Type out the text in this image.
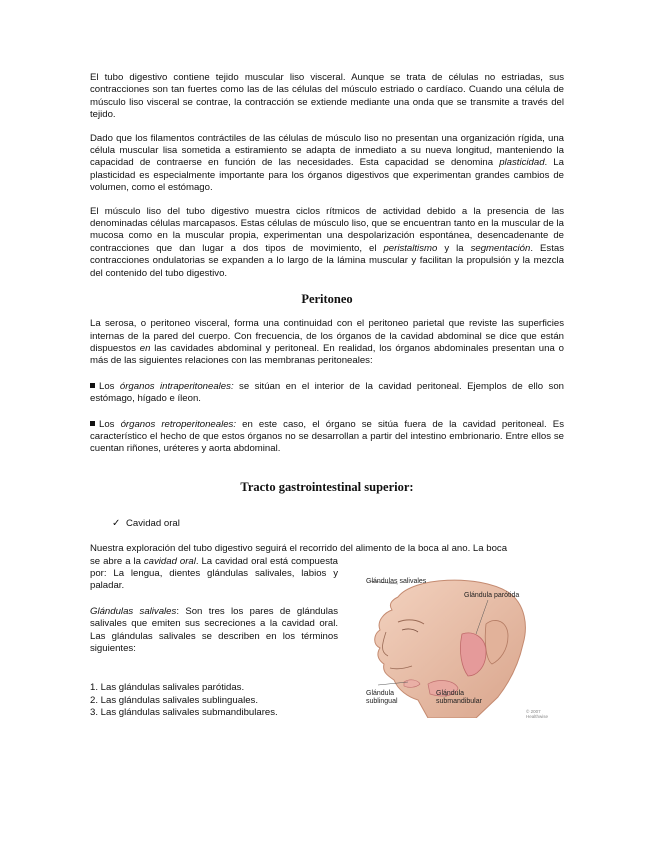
El tubo digestivo contiene tejido muscular liso visceral. Aunque se trata de células no estriadas, sus contracciones son tan fuertes como las de las células del músculo estriado o cardíaco. Cuando una célula de músculo liso visceral se contrae, la contracción se extiende mediante una onda que se transmite a través del tejido.

Dado que los filamentos contráctiles de las células de músculo liso no presentan una organización rígida, una célula muscular lisa sometida a estiramiento se adapta de inmediato a su nueva longitud, manteniendo la capacidad de contraerse en función de las necesidades. Esta capacidad se denomina plasticidad. La plasticidad es especialmente importante para los órganos digestivos que experimentan grandes cambios de volumen, como el estómago.

El músculo liso del tubo digestivo muestra ciclos rítmicos de actividad debido a la presencia de las denominadas células marcapasos. Estas células de músculo liso, que se encuentran tanto en la muscular de la mucosa como en la muscular propia, experimentan una despolarización espontánea, desencadenante de contracciones que dan lugar a dos tipos de movimiento, el peristaltismo y la segmentación. Estas contracciones ondulatorias se expanden a lo largo de la lámina muscular y facilitan la propulsión y la mezcla del contenido del tubo digestivo.

Peritoneo

La serosa, o peritoneo visceral, forma una continuidad con el peritoneo parietal que reviste las superficies internas de la pared del cuerpo. Con frecuencia, de los órganos de la cavidad abdominal se dice que están dispuestos en las cavidades abdominal y peritoneal. En realidad, los órganos abdominales presentan una o más de las siguientes relaciones con las membranas peritoneales:

Los órganos intraperitoneales: se sitúan en el interior de la cavidad peritoneal. Ejemplos de ello son estómago, hígado e íleon.

Los órganos retroperitoneales: en este caso, el órgano se sitúa fuera de la cavidad peritoneal. Es característico el hecho de que estos órganos no se desarrollan a partir del intestino embrionario. Entre ellos se cuentan riñones, uréteres y aorta abdominal.

Tracto gastrointestinal superior:

✓ Cavidad oral

Nuestra exploración del tubo digestivo seguirá el recorrido del alimento de la boca al ano. La boca

se abre a la cavidad oral. La cavidad oral está compuesta por: La lengua, dientes glándulas salivales, labios y paladar.

Glándulas salivales: Son tres los pares de glándulas salivales que emiten sus secreciones a la cavidad oral. Las glándulas salivales se describen en los términos siguientes:

1. Las glándulas salivales parótidas.
2. Las glándulas salivales sublinguales.
3. Las glándulas salivales submandibulares.
Glándulas salivales
Glándula parótida
Glándula sublingual
Glándula submandibular
© 2007 Healthwise
